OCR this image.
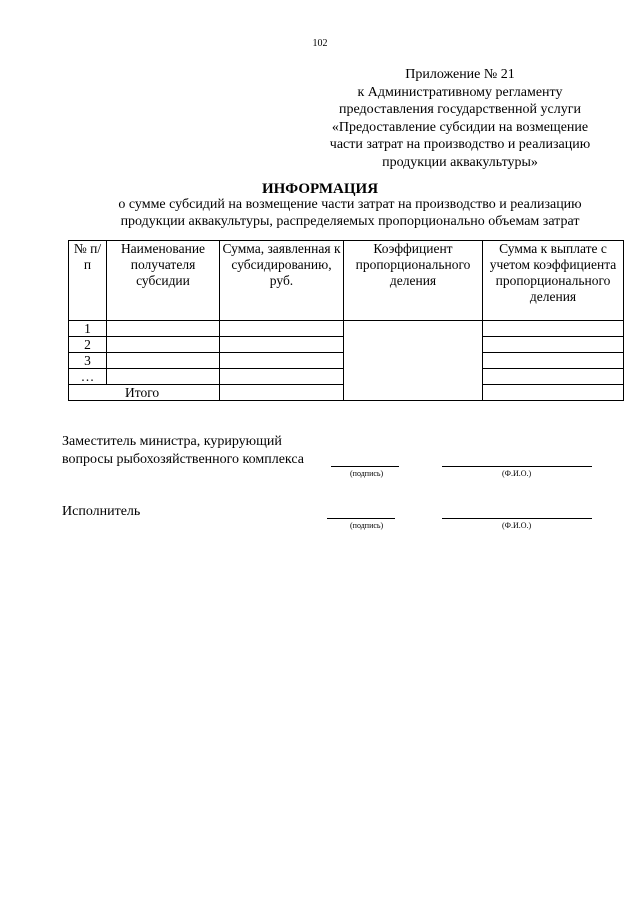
102
Приложение № 21
к Административному регламенту
предоставления государственной услуги
«Предоставление субсидии на возмещение
части затрат на производство и реализацию
продукции аквакультуры»
ИНФОРМАЦИЯ
о сумме субсидий на возмещение части затрат на производство и реализацию
продукции аквакультуры, распределяемых пропорционально объемам затрат
№ п/п	Наименование получателя субсидии	Сумма, заявленная к субсидированию, руб.	Коэффициент пропорционального деления	Сумма к выплате с учетом коэффициента пропорционального деления
1				
2				
3				
…				
Итого				
Заместитель министра, курирующий
вопросы рыбохозяйственного комплекса
(подпись)	(Ф.И.О.)
Исполнитель
(подпись)	(Ф.И.О.)
